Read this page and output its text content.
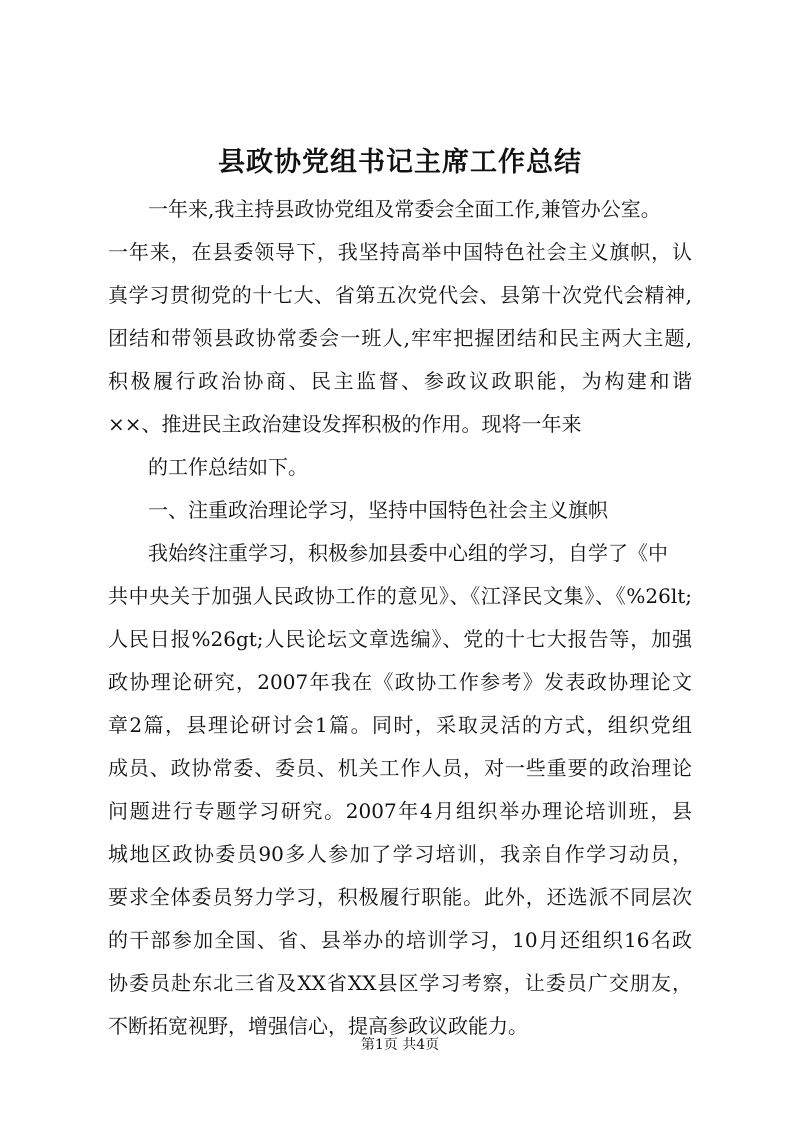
县政协党组书记主席工作总结
一年来,我主持县政协党组及常委会全面工作,兼管办公室。
一年来，在县委领导下，我坚持高举中国特色社会主义旗帜，认
真学习贯彻党的十七大、省第五次党代会、县第十次党代会精神,
团结和带领县政协常委会一班人,牢牢把握团结和民主两大主题,
积极履行政治协商、民主监督、参政议政职能，为构建和谐
××、推进民主政治建设发挥积极的作用。现将一年来
的工作总结如下。
一、注重政治理论学习，坚持中国特色社会主义旗帜
我始终注重学习，积极参加县委中心组的学习，自学了《中
共中央关于加强人民政协工作的意见》、《江泽民文集》、《%26lt;
人民日报%26gt;人民论坛文章选编》、党的十七大报告等，加强
政协理论研究，2007年我在《政协工作参考》发表政协理论文
章2篇，县理论研讨会1篇。同时，采取灵活的方式，组织党组
成员、政协常委、委员、机关工作人员，对一些重要的政治理论
问题进行专题学习研究。2007年4月组织举办理论培训班，县
城地区政协委员90多人参加了学习培训，我亲自作学习动员，
要求全体委员努力学习，积极履行职能。此外，还选派不同层次
的干部参加全国、省、县举办的培训学习，10月还组织16名政
协委员赴东北三省及XX省XX县区学习考察，让委员广交朋友，
不断拓宽视野，增强信心，提高参政议政能力。
第1页 共4页
